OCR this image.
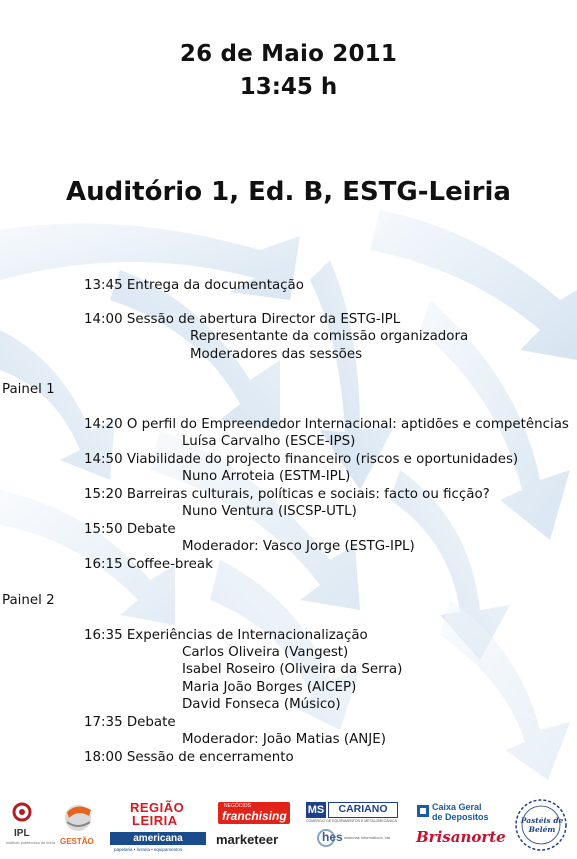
26 de Maio 2011
13:45 h
Auditório 1, Ed. B, ESTG-Leiria
13:45 Entrega da documentação
14:00 Sessão de abertura Director da ESTG-IPL
Representante da comissão organizadora
Moderadores das sessões
Painel 1
14:20 O perfil do Empreendedor Internacional: aptidões e competências
Luísa Carvalho (ESCE-IPS)
14:50 Viabilidade do projecto financeiro (riscos e oportunidades)
Nuno Arroteia (ESTM-IPL)
15:20 Barreiras culturais, políticas e sociais: facto ou ficção?
Nuno Ventura (ISCSP-UTL)
15:50 Debate
Moderador: Vasco Jorge (ESTG-IPL)
16:15 Coffee-break
Painel 2
16:35 Experiências de Internacionalização
Carlos Oliveira (Vangest)
Isabel Roseiro (Oliveira da Serra)
Maria João Borges (AICEP)
David Fonseca (Músico)
17:35 Debate
Moderador: João Matias (ANJE)
18:00 Sessão de encerramento
IPL
instituto politécnico de leiria GESTÃO
REGIÃO
LEIRIA
americana
papelaria • livraria • equipamentos
NEGÓCIOS
franchising
marketeer
MS	CARIANO
COMÉRCIO DE EQUIPAMENTOS E METALOMECÂNICA
hes sistemas informáticos, lda
Caixa Geral
de Depositos
Brisanorte
Pastéis de Belém
